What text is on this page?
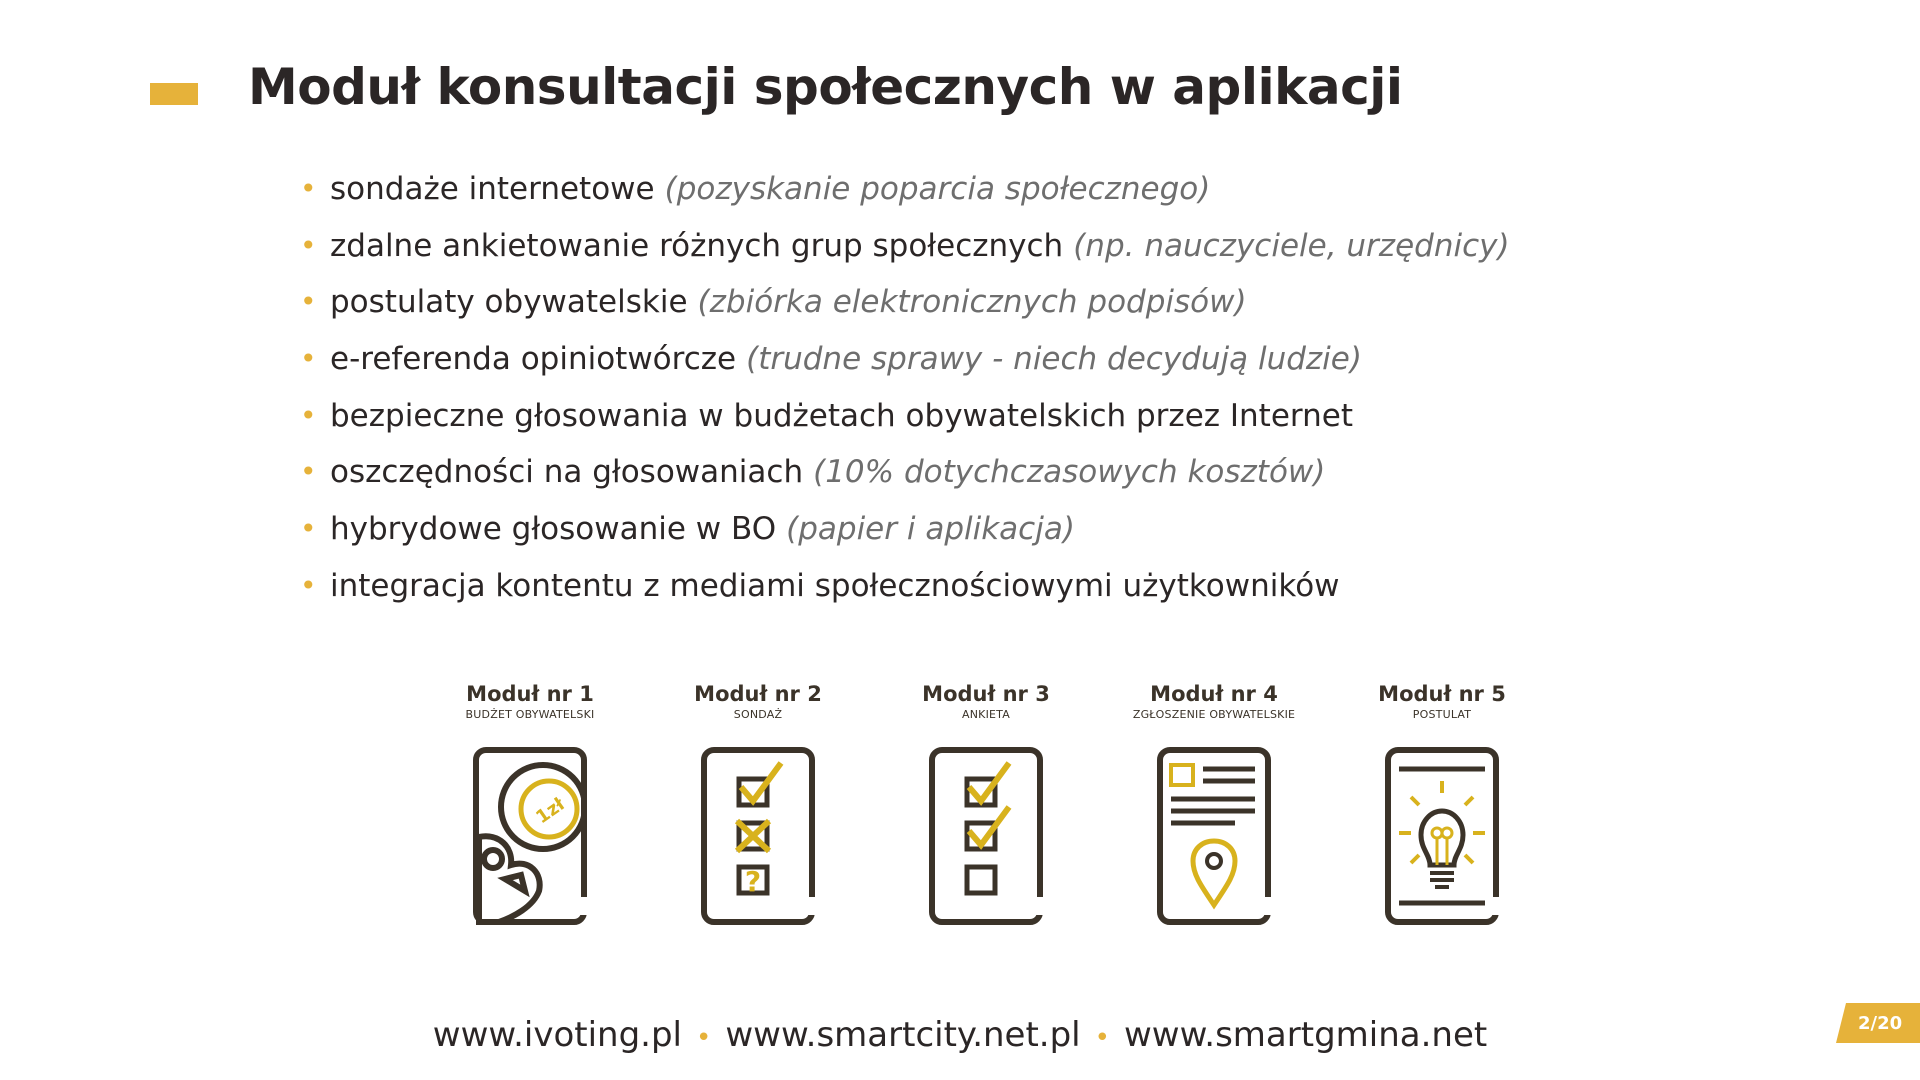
Moduł konsultacji społecznych w aplikacji
• sondaże internetowe (pozyskanie poparcia społecznego)
• zdalne ankietowanie różnych grup społecznych (np. nauczyciele, urzędnicy)
• postulaty obywatelskie (zbiórka elektronicznych podpisów)
• e-referenda opiniotwórcze (trudne sprawy - niech decydują ludzie)
• bezpieczne głosowania w budżetach obywatelskich przez Internet
• oszczędności na głosowaniach (10% dotychczasowych kosztów)
• hybrydowe głosowanie w BO (papier i aplikacja)
• integracja kontentu z mediami społecznościowymi użytkowników
Moduł nr 1
BUDŻET OBYWATELSKI
1zł
Moduł nr 2
SONDAŻ
?
Moduł nr 3
ANKIETA
Moduł nr 4
ZGŁOSZENIE OBYWATELSKIE
Moduł nr 5
POSTULAT
www.ivoting.pl • www.smartcity.net.pl • www.smartgmina.net	2/20
